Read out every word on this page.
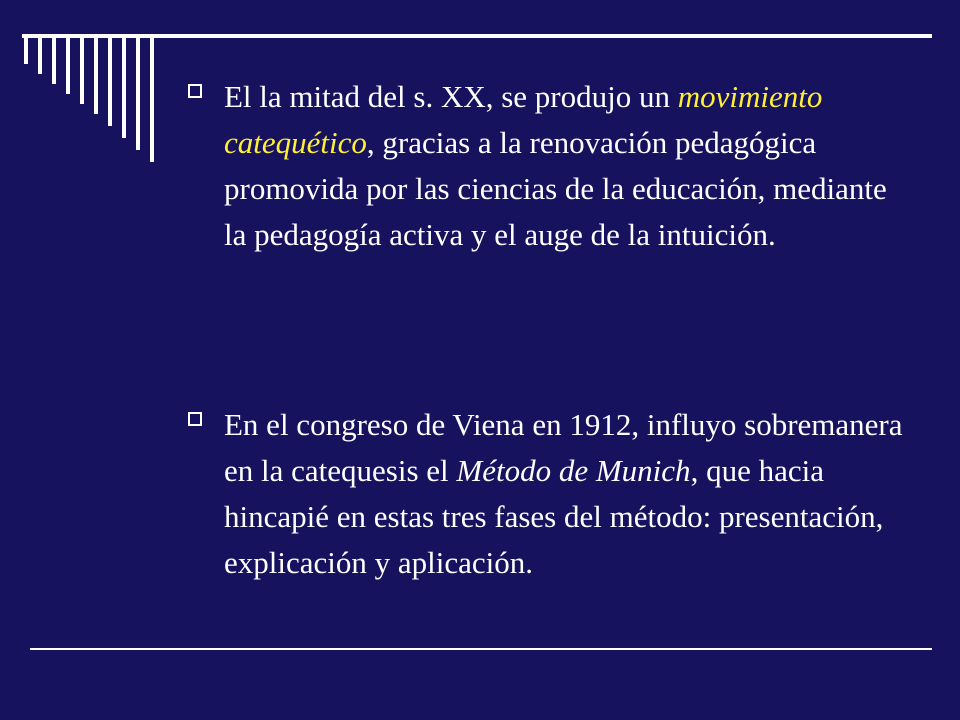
El la mitad del s. XX, se produjo un movimiento catequético, gracias a la renovación pedagógica promovida por las ciencias de la educación, mediante la pedagogía activa y el auge de la intuición.
En el congreso de Viena en 1912, influyo sobremanera en la catequesis el Método de Munich, que hacia hincapié en estas tres fases del método: presentación, explicación y aplicación.
